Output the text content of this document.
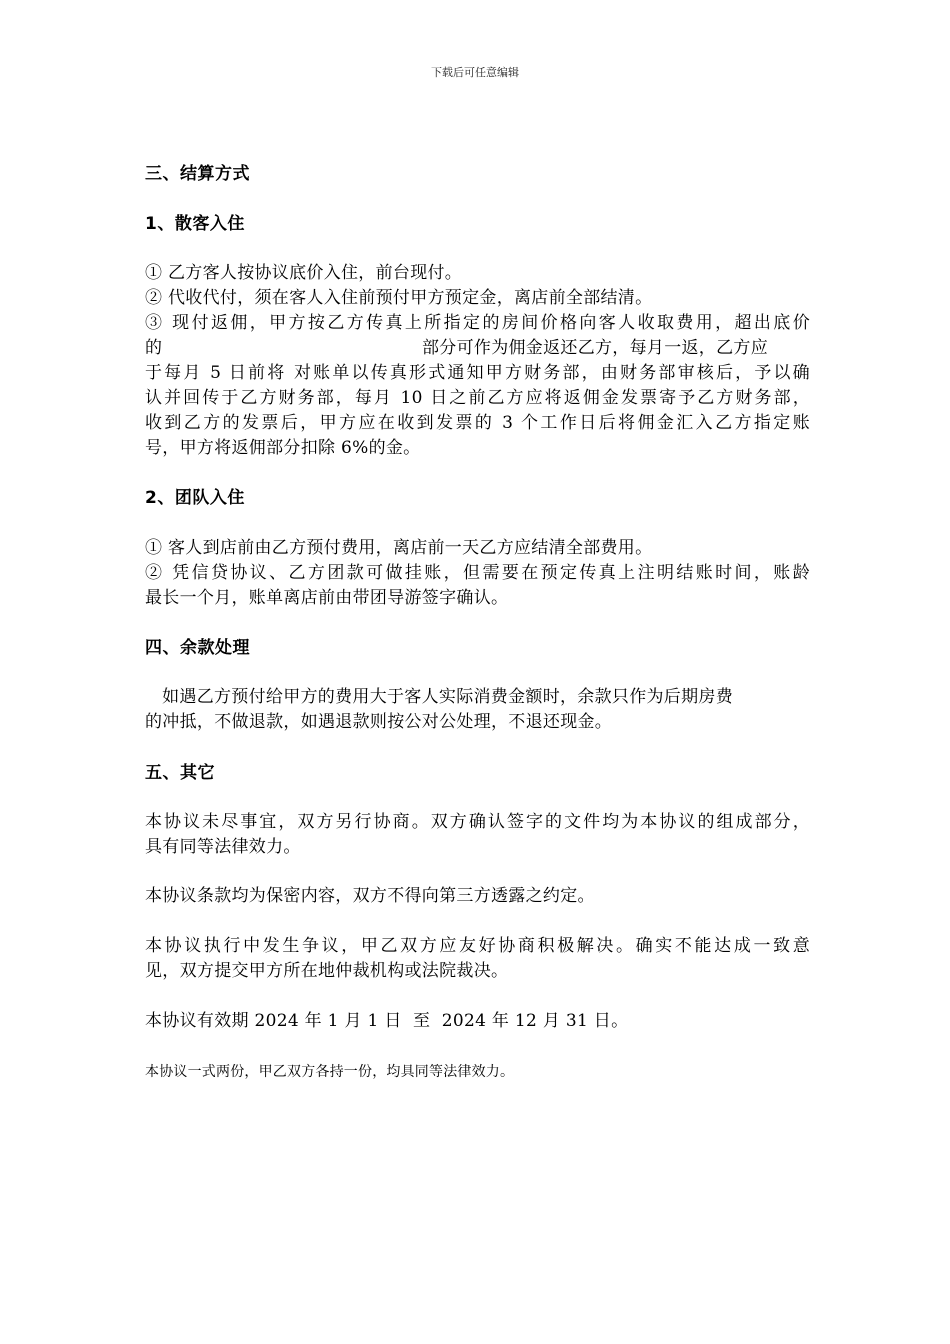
下载后可任意编辑
三、结算方式
1、散客入住
① 乙方客人按协议底价入住，前台现付。
② 代收代付，须在客人入住前预付甲方预定金，离店前全部结清。
③ 现付返佣，甲方按乙方传真上所指定的房间价格向客人收取费用，超出底价
的	部分可作为佣金返还乙方，每月一返，乙方应
于每月 5 日前将 对账单以传真形式通知甲方财务部，由财务部审核后，予以确
认并回传于乙方财务部，每月 10 日之前乙方应将返佣金发票寄予乙方财务部，
收到乙方的发票后，甲方应在收到发票的 3 个工作日后将佣金汇入乙方指定账
号，甲方将返佣部分扣除 6%的金。
2、团队入住
① 客人到店前由乙方预付费用，离店前一天乙方应结清全部费用。
② 凭信贷协议、乙方团款可做挂账，但需要在预定传真上注明结账时间，账龄
最长一个月，账单离店前由带团导游签字确认。
四、余款处理
如遇乙方预付给甲方的费用大于客人实际消费金额时，余款只作为后期房费
的冲抵，不做退款，如遇退款则按公对公处理，不退还现金。
五、其它
本协议未尽事宜，双方另行协商。双方确认签字的文件均为本协议的组成部分，
具有同等法律效力。
本协议条款均为保密内容，双方不得向第三方透露之约定。
本协议执行中发生争议，甲乙双方应友好协商积极解决。确实不能达成一致意
见，双方提交甲方所在地仲裁机构或法院裁决。
本协议有效期 2024 年 1 月 1 日  至  2024 年 12 月 31 日。
本协议一式两份，甲乙双方各持一份，均具同等法律效力。
